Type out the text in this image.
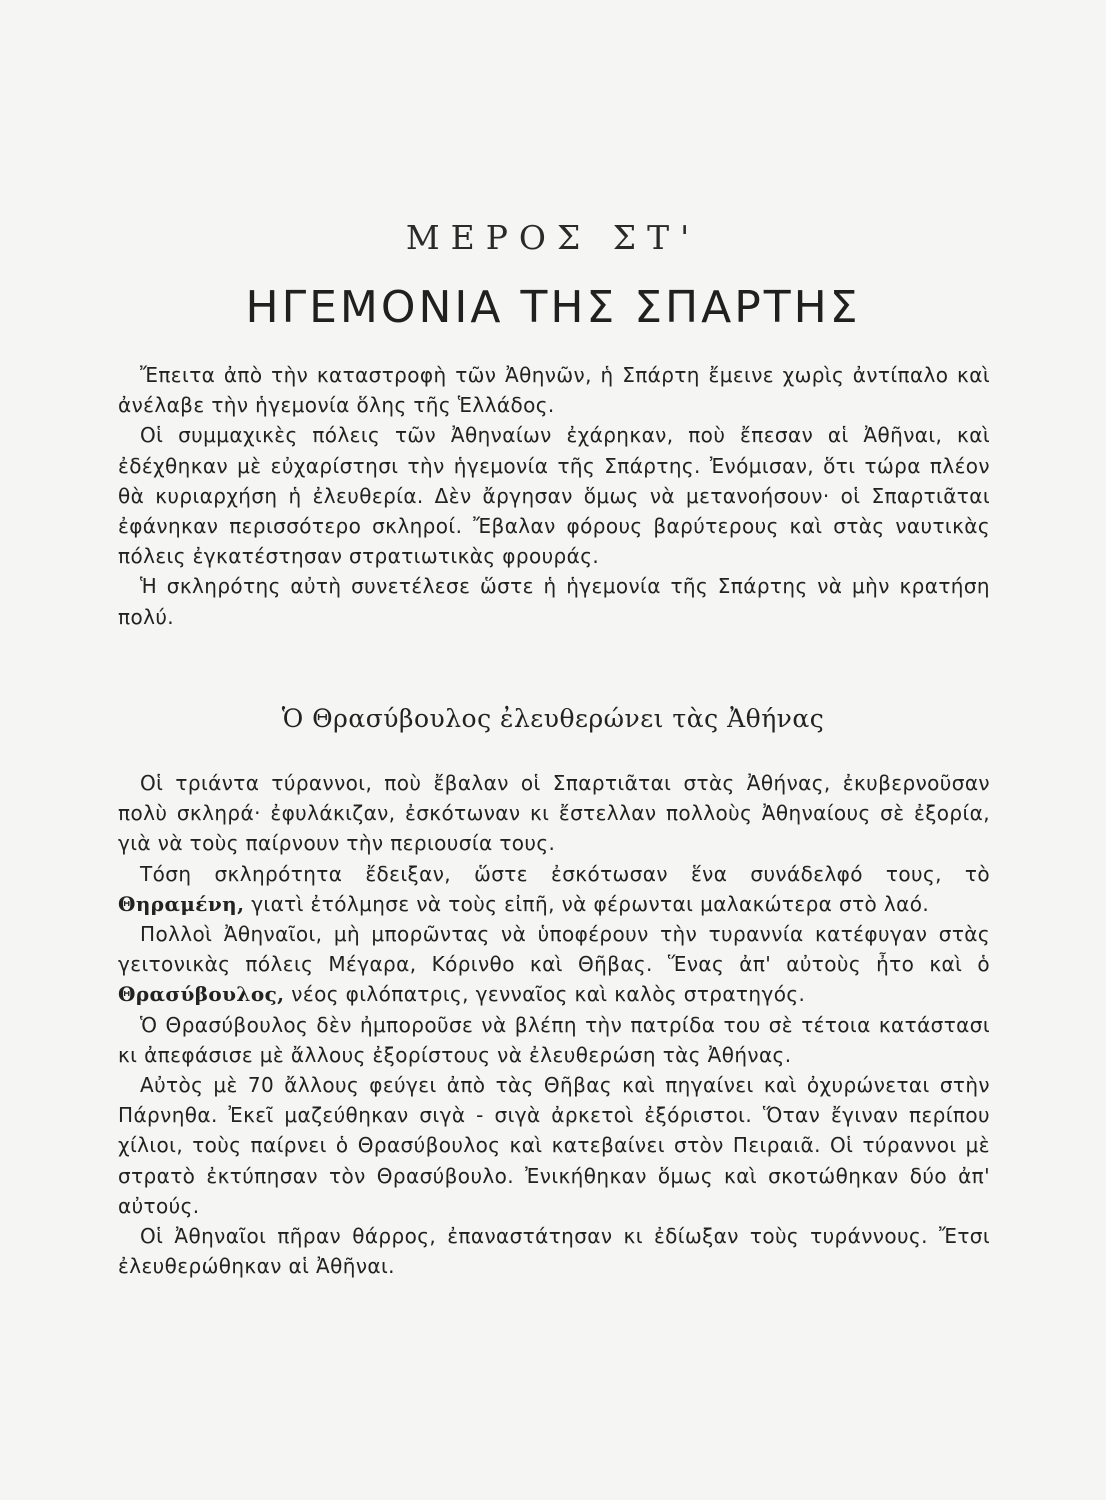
ΜΕΡΟΣ ΣΤ'
ΗΓΕΜΟΝΙΑ ΤΗΣ ΣΠΑΡΤΗΣ

Ἔπειτα ἀπὸ τὴν καταστροφὴ τῶν Ἀθηνῶν, ἡ Σπάρτη ἔμεινε χωρὶς ἀντίπαλο καὶ ἀνέλαβε τὴν ἡγεμονία ὅλης τῆς Ἑλλάδος.

Οἱ συμμαχικὲς πόλεις τῶν Ἀθηναίων ἐχάρηκαν, ποὺ ἔπεσαν αἱ Ἀθῆναι, καὶ ἐδέχθηκαν μὲ εὐχαρίστησι τὴν ἡγεμονία τῆς Σπάρτης. Ἐνόμισαν, ὅτι τώρα πλέον θὰ κυριαρχήση ἡ ἐλευθερία. Δὲν ἄργησαν ὅμως νὰ μετανοήσουν· οἱ Σπαρτιᾶται ἐφάνηκαν περισσότερο σκληροί. Ἔβαλαν φόρους βαρύτερους καὶ στὰς ναυτικὰς πόλεις ἐγκατέστησαν στρατιωτικὰς φρουράς.

Ἡ σκληρότης αὐτὴ συνετέλεσε ὥστε ἡ ἡγεμονία τῆς Σπάρτης νὰ μὴν κρατήση πολύ.

Ὁ Θρασύβουλος ἐλευθερώνει τὰς Ἀθήνας

Οἱ τριάντα τύραννοι, ποὺ ἔβαλαν οἱ Σπαρτιᾶται στὰς Ἀθήνας, ἐκυβερνοῦσαν πολὺ σκληρά· ἐφυλάκιζαν, ἐσκότωναν κι ἔστελλαν πολλοὺς Ἀθηναίους σὲ ἐξορία, γιὰ νὰ τοὺς παίρνουν τὴν περιουσία τους.

Τόση σκληρότητα ἔδειξαν, ὥστε ἐσκότωσαν ἕνα συνάδελφό τους, τὸ Θηραμένη, γιατὶ ἐτόλμησε νὰ τοὺς εἰπῆ, νὰ φέρωνται μαλακώτερα στὸ λαό.

Πολλοὶ Ἀθηναῖοι, μὴ μπορῶντας νὰ ὑποφέρουν τὴν τυραννία κατέφυγαν στὰς γειτονικὰς πόλεις Μέγαρα, Κόρινθο καὶ Θῆβας. Ἕνας ἀπ' αὐτοὺς ἦτο καὶ ὁ Θρασύβουλος, νέος φιλόπατρις, γενναῖος καὶ καλὸς στρατηγός.

Ὁ Θρασύβουλος δὲν ἠμποροῦσε νὰ βλέπη τὴν πατρίδα του σὲ τέτοια κατάστασι κι ἀπεφάσισε μὲ ἄλλους ἐξορίστους νὰ ἐλευθερώση τὰς Ἀθήνας.

Αὐτὸς μὲ 70 ἄλλους φεύγει ἀπὸ τὰς Θῆβας καὶ πηγαίνει καὶ ὀχυρώνεται στὴν Πάρνηθα. Ἐκεῖ μαζεύθηκαν σιγὰ - σιγὰ ἀρκετοὶ ἐξόριστοι. Ὅταν ἔγιναν περίπου χίλιοι, τοὺς παίρνει ὁ Θρασύβουλος καὶ κατεβαίνει στὸν Πειραιᾶ. Οἱ τύραννοι μὲ στρατὸ ἐκτύπησαν τὸν Θρασύβουλο. Ἐνικήθηκαν ὅμως καὶ σκοτώθηκαν δύο ἀπ' αὐτούς.

Οἱ Ἀθηναῖοι πῆραν θάρρος, ἐπαναστάτησαν κι ἐδίωξαν τοὺς τυράννους. Ἔτσι ἐλευθερώθηκαν αἱ Ἀθῆναι.
